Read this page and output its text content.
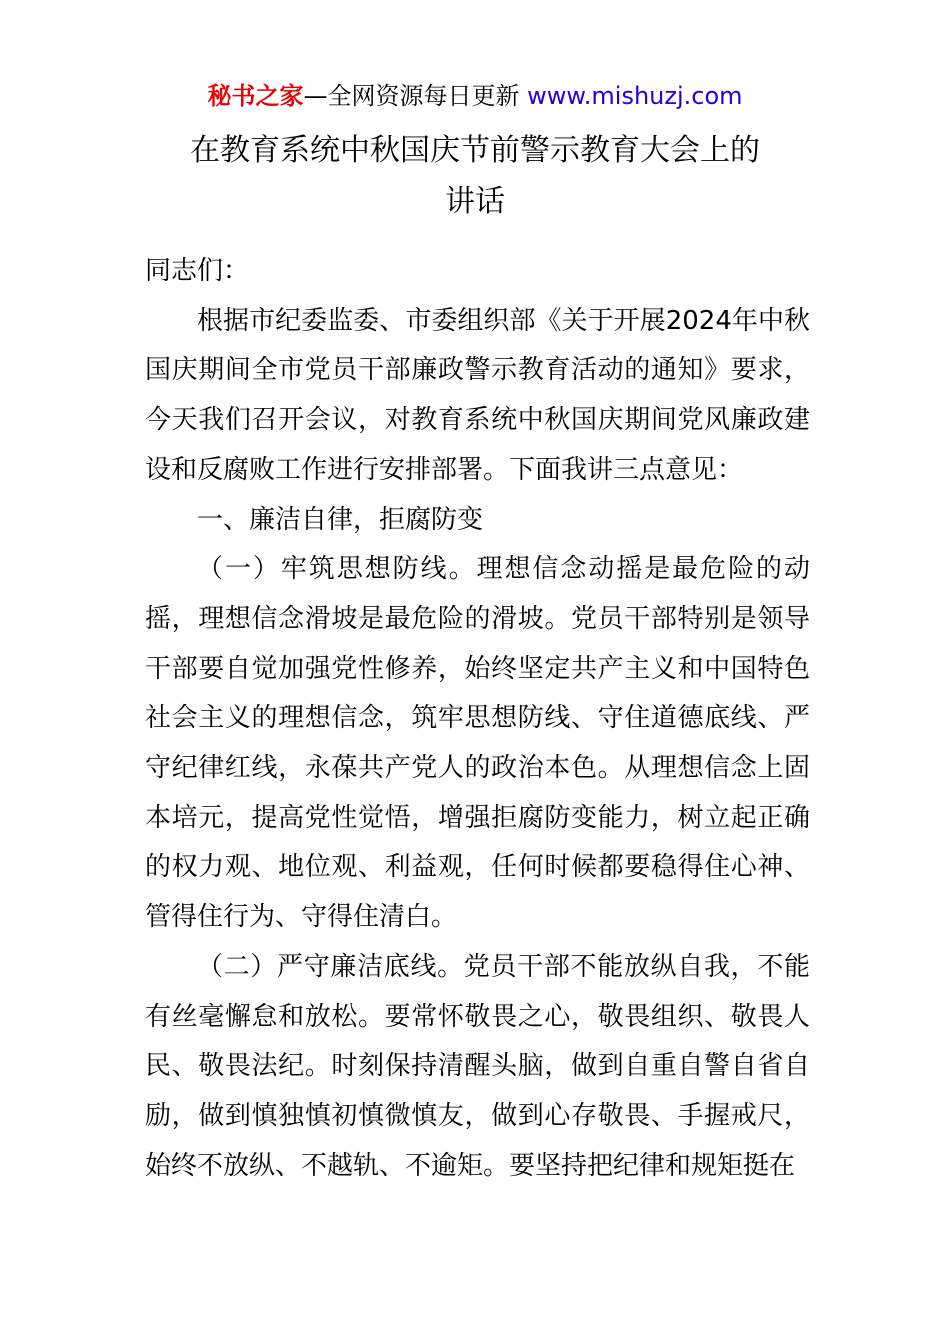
秘书之家—全网资源每日更新 www.mishuzj.com
在教育系统中秋国庆节前警示教育大会上的
讲话

同志们：

根据市纪委监委、市委组织部《关于开展2024年中秋国庆期间全市党员干部廉政警示教育活动的通知》要求，今天我们召开会议，对教育系统中秋国庆期间党风廉政建设和反腐败工作进行安排部署。下面我讲三点意见：

一、廉洁自律，拒腐防变

（一）牢筑思想防线。理想信念动摇是最危险的动摇，理想信念滑坡是最危险的滑坡。党员干部特别是领导干部要自觉加强党性修养，始终坚定共产主义和中国特色社会主义的理想信念，筑牢思想防线、守住道德底线、严守纪律红线，永葆共产党人的政治本色。从理想信念上固本培元，提高党性觉悟，增强拒腐防变能力，树立起正确的权力观、地位观、利益观，任何时候都要稳得住心神、管得住行为、守得住清白。

（二）严守廉洁底线。党员干部不能放纵自我，不能有丝毫懈怠和放松。要常怀敬畏之心，敬畏组织、敬畏人民、敬畏法纪。时刻保持清醒头脑，做到自重自警自省自励，做到慎独慎初慎微慎友，做到心存敬畏、手握戒尺，始终不放纵、不越轨、不逾矩。要坚持把纪律和规矩挺在
